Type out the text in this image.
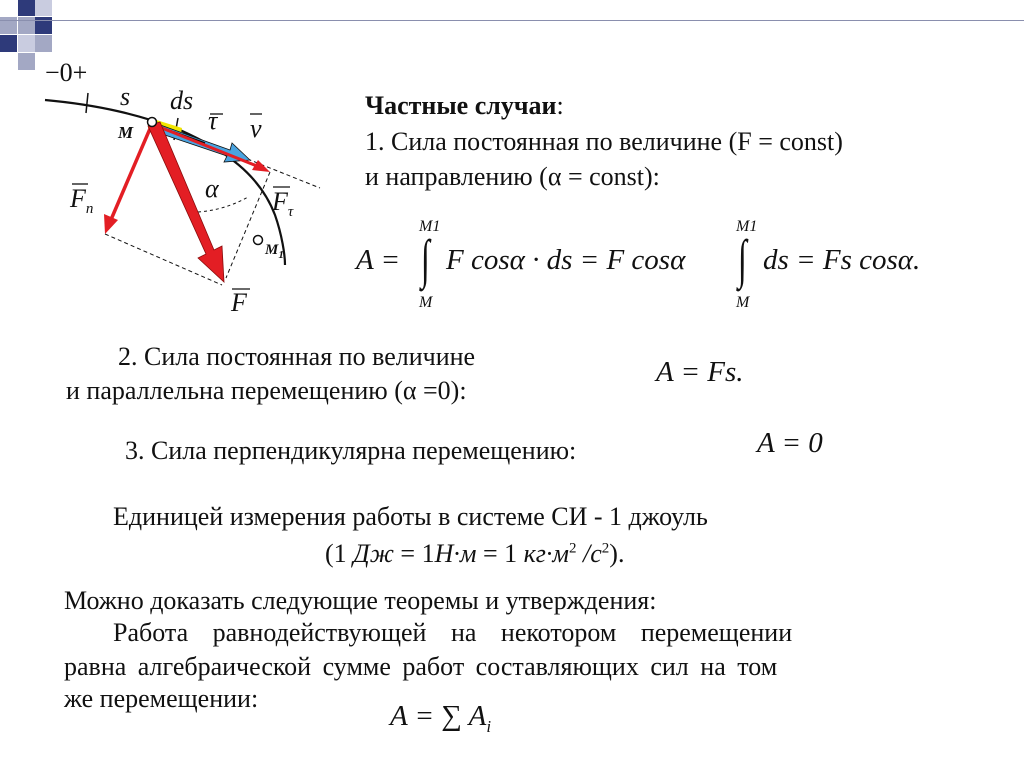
−0+
s ds
τ v
M
α
$F_n$	$F_\tau$
$M_1$
F
Частные случаи:
1. Сила постоянная по величине (F = const)
и направлению (α = const):
A =
M1
∫
M
F cosα · ds = F cosα
M1
∫
M
ds = Fs cosα.
2. Сила постоянная по величине
и параллельна перемещению (α =0):
A = Fs.
3. Сила перпендикулярна перемещению:	A = 0
Единицей измерения работы в системе СИ - 1 джоуль
(1 Дж = 1Н·м = 1 $кг\cdot м^2$ $/с^2$).
Можно доказать следующие теоремы и утверждения:
Работа равнодействующей на некотором перемещении
равна алгебраической сумме работ составляющих сил на том
же перемещении:
A = ∑ $A_i$
